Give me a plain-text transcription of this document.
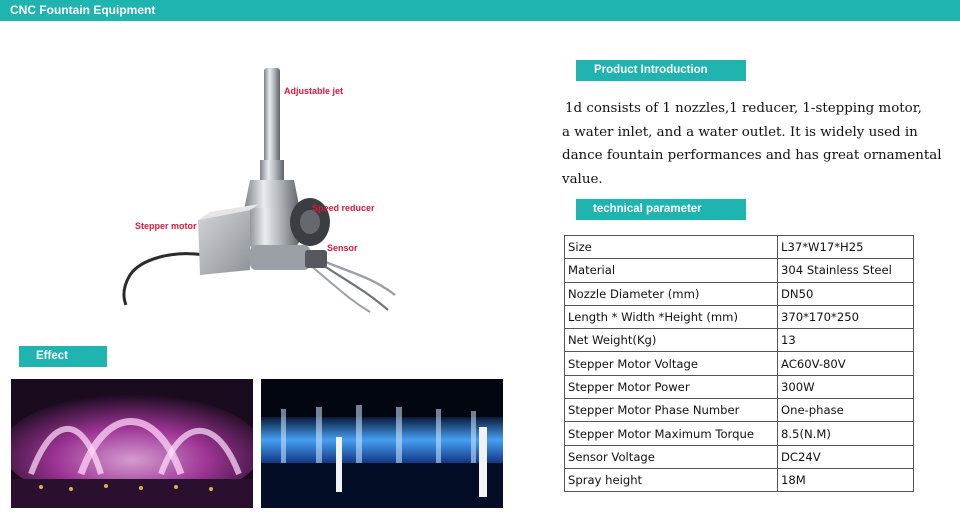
CNC Fountain Equipment
Adjustable jet
Speed reducer
Stepper motor
Sensor
Product Introduction
1d consists of 1 nozzles,1 reducer, 1-stepping motor,
a water inlet, and a water outlet. It is widely used in
dance fountain performances and has great ornamental
value.
technical parameter
Size	L37*W17*H25
Material	304 Stainless Steel
Nozzle Diameter (mm)	DN50
Length * Width *Height (mm)	370*170*250
Net Weight(Kg)	13
Stepper Motor Voltage	AC60V-80V
Stepper Motor Power	300W
Stepper Motor Phase Number	One-phase
Stepper Motor Maximum Torque	8.5(N.M)
Sensor Voltage	DC24V
Spray height	18M
Effect
